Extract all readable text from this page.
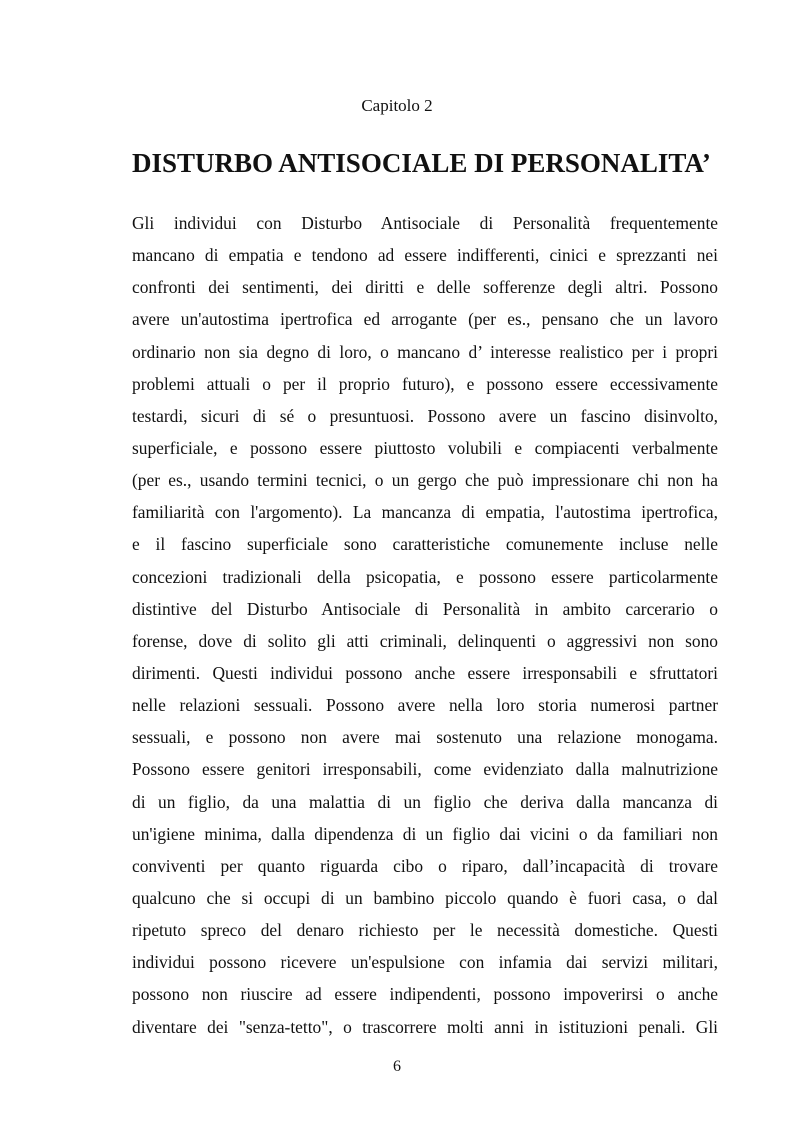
Capitolo 2
DISTURBO ANTISOCIALE DI PERSONALITA’
Gli individui con Disturbo Antisociale di Personalità frequentemente
mancano di empatia e tendono ad essere indifferenti, cinici e sprezzanti nei
confronti dei sentimenti, dei diritti e delle sofferenze degli altri. Possono
avere un'autostima ipertrofica ed arrogante (per es., pensano che un lavoro
ordinario non sia degno di loro, o mancano d’ interesse realistico per i propri
problemi attuali o per il proprio futuro), e possono essere eccessivamente
testardi, sicuri di sé o presuntuosi. Possono avere un fascino disinvolto,
superficiale, e possono essere piuttosto volubili e compiacenti verbalmente
(per es., usando termini tecnici, o un gergo che può impressionare chi non ha
familiarità con l'argomento). La mancanza di empatia, l'autostima ipertrofica,
e il fascino superficiale sono caratteristiche comunemente incluse nelle
concezioni tradizionali della psicopatia, e possono essere particolarmente
distintive del Disturbo Antisociale di Personalità in ambito carcerario o
forense, dove di solito gli atti criminali, delinquenti o aggressivi non sono
dirimenti. Questi individui possono anche essere irresponsabili e sfruttatori
nelle relazioni sessuali. Possono avere nella loro storia numerosi partner
sessuali, e possono non avere mai sostenuto una relazione monogama.
Possono essere genitori irresponsabili, come evidenziato dalla malnutrizione
di un figlio, da una malattia di un figlio che deriva dalla mancanza di
un'igiene minima, dalla dipendenza di un figlio dai vicini o da familiari non
conviventi per quanto riguarda cibo o riparo, dall’incapacità di trovare
qualcuno che si occupi di un bambino piccolo quando è fuori casa, o dal
ripetuto spreco del denaro richiesto per le necessità domestiche. Questi
individui possono ricevere un'espulsione con infamia dai servizi militari,
possono non riuscire ad essere indipendenti, possono impoverirsi o anche
diventare dei "senza-tetto", o trascorrere molti anni in istituzioni penali. Gli
6
